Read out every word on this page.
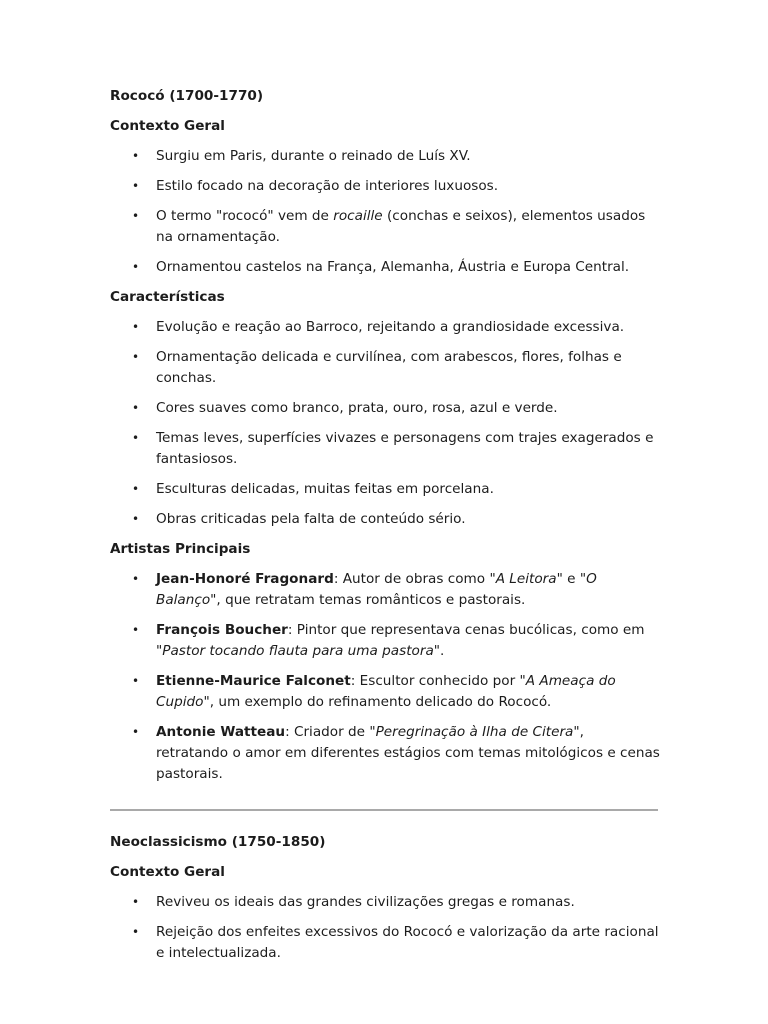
Rococó (1700-1770)

Contexto Geral

• Surgiu em Paris, durante o reinado de Luís XV.
• Estilo focado na decoração de interiores luxuosos.
• O termo "rococó" vem de rocaille (conchas e seixos), elementos usados na ornamentação.
• Ornamentou castelos na França, Alemanha, Áustria e Europa Central.

Características

• Evolução e reação ao Barroco, rejeitando a grandiosidade excessiva.
• Ornamentação delicada e curvilínea, com arabescos, flores, folhas e conchas.
• Cores suaves como branco, prata, ouro, rosa, azul e verde.
• Temas leves, superfícies vivazes e personagens com trajes exagerados e fantasiosos.
• Esculturas delicadas, muitas feitas em porcelana.
• Obras criticadas pela falta de conteúdo sério.

Artistas Principais

• Jean-Honoré Fragonard: Autor de obras como "A Leitora" e "O Balanço", que retratam temas românticos e pastorais.
• François Boucher: Pintor que representava cenas bucólicas, como em "Pastor tocando flauta para uma pastora".
• Etienne-Maurice Falconet: Escultor conhecido por "A Ameaça do Cupido", um exemplo do refinamento delicado do Rococó.
• Antonie Watteau: Criador de "Peregrinação à Ilha de Citera", retratando o amor em diferentes estágios com temas mitológicos e cenas pastorais.

Neoclassicismo (1750-1850)

Contexto Geral

• Reviveu os ideais das grandes civilizações gregas e romanas.
• Rejeição dos enfeites excessivos do Rococó e valorização da arte racional e intelectualizada.
